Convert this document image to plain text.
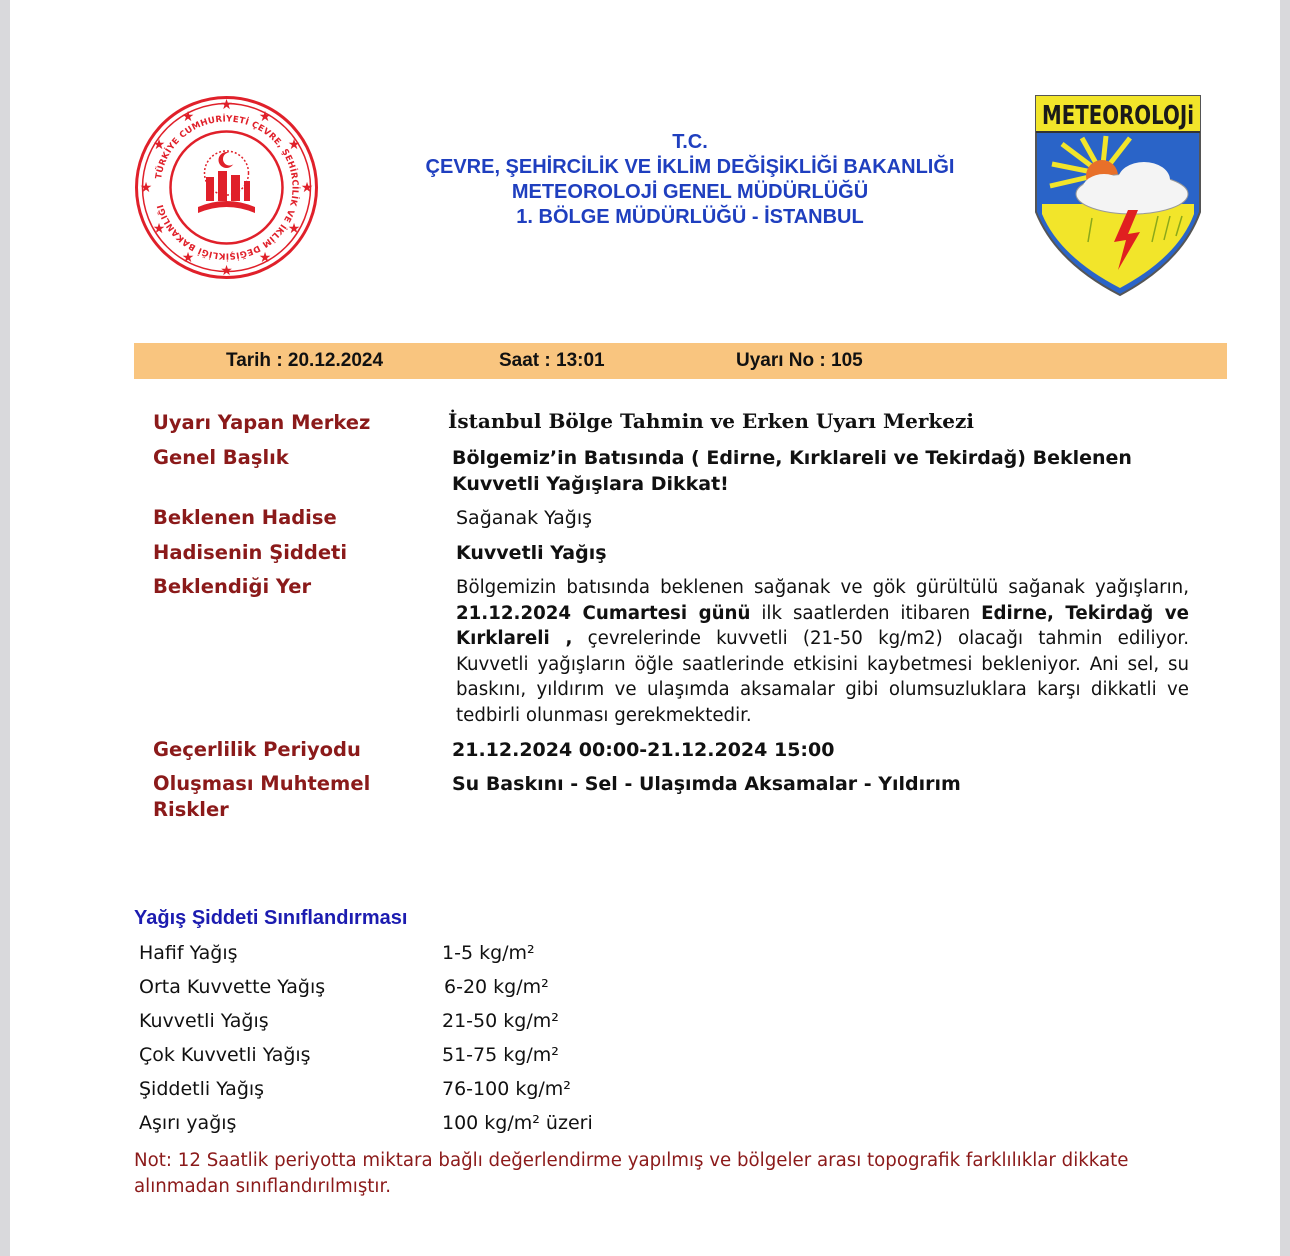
★
★
★
★
★
★
★
★
★
★
★
★
TÜRKİYE CUMHURİYETİ ÇEVRE, ŞEHİRCİLİK VE İKLİM DEĞİŞİKLİĞİ BAKANLIĞI
T.C.
ÇEVRE, ŞEHİRCİLİK VE İKLİM DEĞİŞİKLİĞİ BAKANLIĞI
METEOROLOJİ GENEL MÜDÜRLÜĞÜ
1. BÖLGE MÜDÜRLÜĞÜ - İSTANBUL
METEOROLOJi
Tarih : 20.12.2024	Saat : 13:01	Uyarı No : 105
Uyarı Yapan Merkez	İstanbul Bölge Tahmin ve Erken Uyarı Merkezi
Genel Başlık	Bölgemiz’in Batısında ( Edirne, Kırklareli ve Tekirdağ) Beklenen Kuvvetli Yağışlara Dikkat!
Beklenen Hadise	Sağanak Yağış
Hadisenin Şiddeti	Kuvvetli Yağış
Beklendiği Yer	Bölgemizin batısında beklenen sağanak ve gök gürültülü sağanak yağışların, 21.12.2024 Cumartesi günü ilk saatlerden itibaren Edirne, Tekirdağ ve Kırklareli , çevrelerinde kuvvetli (21-50 kg/m2) olacağı tahmin ediliyor. Kuvvetli yağışların öğle saatlerinde etkisini kaybetmesi bekleniyor. Ani sel, su baskını, yıldırım ve ulaşımda aksamalar gibi olumsuzluklara karşı dikkatli ve tedbirli olunması gerekmektedir.
Geçerlilik Periyodu	21.12.2024 00:00-21.12.2024 15:00
Oluşması Muhtemel
Riskler
Su Baskını - Sel - Ulaşımda Aksamalar - Yıldırım
Yağış Şiddeti Sınıflandırması
Hafif Yağış	1-5 kg/m²
Orta Kuvvette Yağış	6-20 kg/m²
Kuvvetli Yağış	21-50 kg/m²
Çok Kuvvetli Yağış	51-75 kg/m²
Şiddetli Yağış	76-100 kg/m²
Aşırı yağış	100 kg/m² üzeri
Not: 12 Saatlik periyotta miktara bağlı değerlendirme yapılmış ve bölgeler arası topografik farklılıklar dikkate alınmadan sınıflandırılmıştır.
